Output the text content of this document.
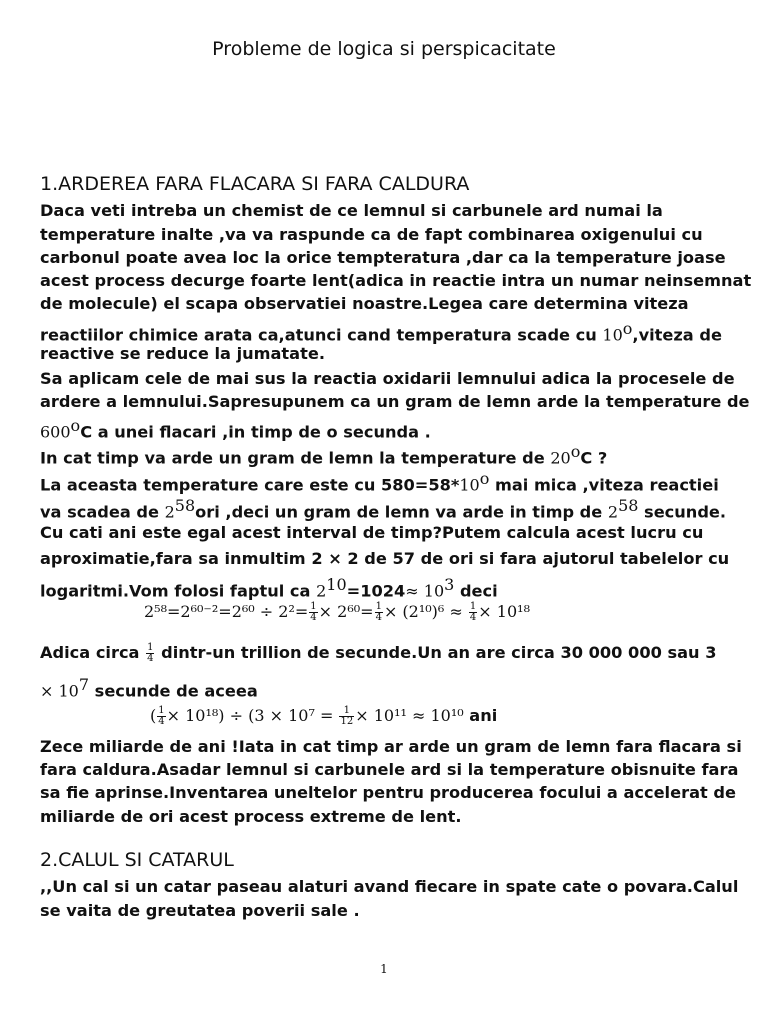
Probleme de logica si perspicacitate
1.ARDEREA FARA FLACARA SI FARA CALDURA
Daca veti intreba un chemist de ce lemnul si carbunele ard numai la
temperature inalte ,va va raspunde ca de fapt combinarea oxigenului cu
carbonul poate avea loc la orice tempteratura ,dar ca la temperature joase
acest process decurge foarte lent(adica in reactie intra un numar neinsemnat
de molecule) el scapa observatiei noastre.Legea care determina viteza
reactiilor chimice arata ca,atunci cand temperatura scade cu 10$^o$,viteza de
reactive se reduce la jumatate.
Sa aplicam cele de mai sus la reactia oxidarii lemnului adica la procesele de
ardere a lemnului.Sapresupunem ca un gram de lemn arde la temperature de
600$^o$C a unei flacari ,in timp de o secunda .
In cat timp va arde un gram de lemn la temperature de 20$^o$C ?
La aceasta temperature care este cu $580=58*10^o$ mai mica ,viteza reactiei
va scadea de $2^{58}ori$ ,deci un gram de lemn va arde in timp de $2^{58}$ secunde.
Cu cati ani este egal acest interval de timp?Putem calcula acest lucru cu
aproximatie,fara sa inmultim 2 × 2 de 57 de ori si fara ajutorul tabelelor cu
logaritmi.Vom folosi faptul ca $2^{10}=1024\approx 10^3$ deci
$2^{58}=2^{60-2}=2^{60} \div 2^2= \frac{1}{4} \times 2^{60}= \frac{1}{4} \times (2^{10})^6 \approx \frac{1}{4} \times 10^{18}$
Adica circa $\frac{1}{4}$ dintr-un trillion de secunde.Un an are circa 30 000 000 sau 3
× $10^7$ secunde de aceea
( $\frac{1}{4} \times 10^{18}) \div (3 \times 10^7 = \frac{1}{12} \times 10^{11} \approx 10^{10}$ ani
Zece miliarde de ani !Iata in cat timp ar arde un gram de lemn fara flacara si
fara caldura.Asadar lemnul si carbunele ard si la temperature obisnuite fara
sa fie aprinse.Inventarea uneltelor pentru producerea focului a accelerat de
miliarde de ori acest process extreme de lent.
2.CALUL SI CATARUL
,,Un cal si un catar paseau alaturi avand fiecare in spate cate o povara.Calul
se vaita de greutatea poverii sale .
1
